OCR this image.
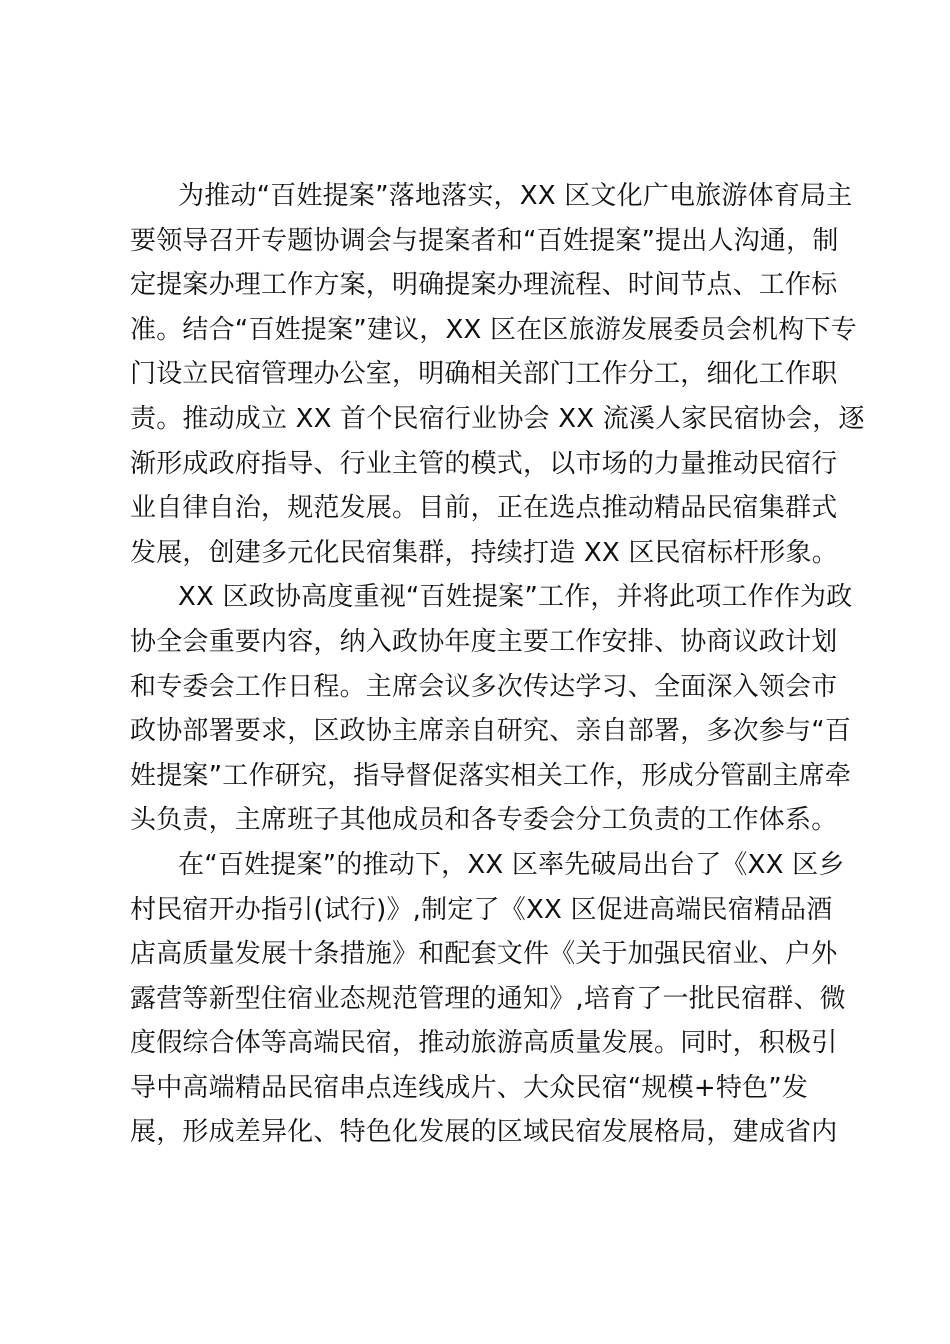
为推动“百姓提案”落地落实，XX 区文化广电旅游体育局主
要领导召开专题协调会与提案者和“百姓提案”提出人沟通，制
定提案办理工作方案，明确提案办理流程、时间节点、工作标
准。结合“百姓提案”建议，XX 区在区旅游发展委员会机构下专
门设立民宿管理办公室，明确相关部门工作分工，细化工作职
责。推动成立 XX 首个民宿行业协会 XX 流溪人家民宿协会，逐
渐形成政府指导、行业主管的模式，以市场的力量推动民宿行
业自律自治，规范发展。目前，正在选点推动精品民宿集群式
发展，创建多元化民宿集群，持续打造 XX 区民宿标杆形象。
XX 区政协高度重视“百姓提案”工作，并将此项工作作为政
协全会重要内容，纳入政协年度主要工作安排、协商议政计划
和专委会工作日程。主席会议多次传达学习、全面深入领会市
政协部署要求，区政协主席亲自研究、亲自部署，多次参与“百
姓提案”工作研究，指导督促落实相关工作，形成分管副主席牵
头负责，主席班子其他成员和各专委会分工负责的工作体系。
在“百姓提案”的推动下，XX 区率先破局出台了《XX 区乡
村民宿开办指引(试行)》,制定了《XX 区促进高端民宿精品酒
店高质量发展十条措施》和配套文件《关于加强民宿业、户外
露营等新型住宿业态规范管理的通知》,培育了一批民宿群、微
度假综合体等高端民宿，推动旅游高质量发展。同时，积极引
导中高端精品民宿串点连线成片、大众民宿“规模+特色”发
展，形成差异化、特色化发展的区域民宿发展格局，建成省内
